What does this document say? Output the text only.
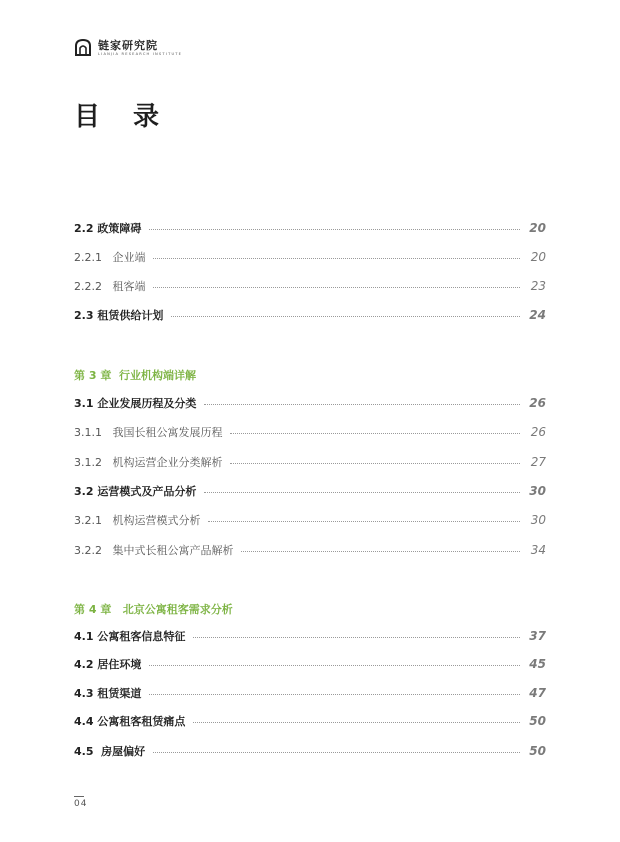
链家研究院
LIANJIA RESEARCH INSTITUTE
目 录
2.2 政策障碍	20
2.2.1 企业端	20
2.2.2 租客端	23
2.3 租赁供给计划	24
第 3 章  行业机构端详解
3.1 企业发展历程及分类	26
3.1.1 我国长租公寓发展历程	26
3.1.2 机构运营企业分类解析	27
3.2 运营模式及产品分析	30
3.2.1 机构运营模式分析	30
3.2.2 集中式长租公寓产品解析	34
第 4 章   北京公寓租客需求分析
4.1 公寓租客信息特征	37
4.2 居住环境	45
4.3 租赁渠道	47
4.4 公寓租客租赁痛点	50
4.5 房屋偏好	50
04
